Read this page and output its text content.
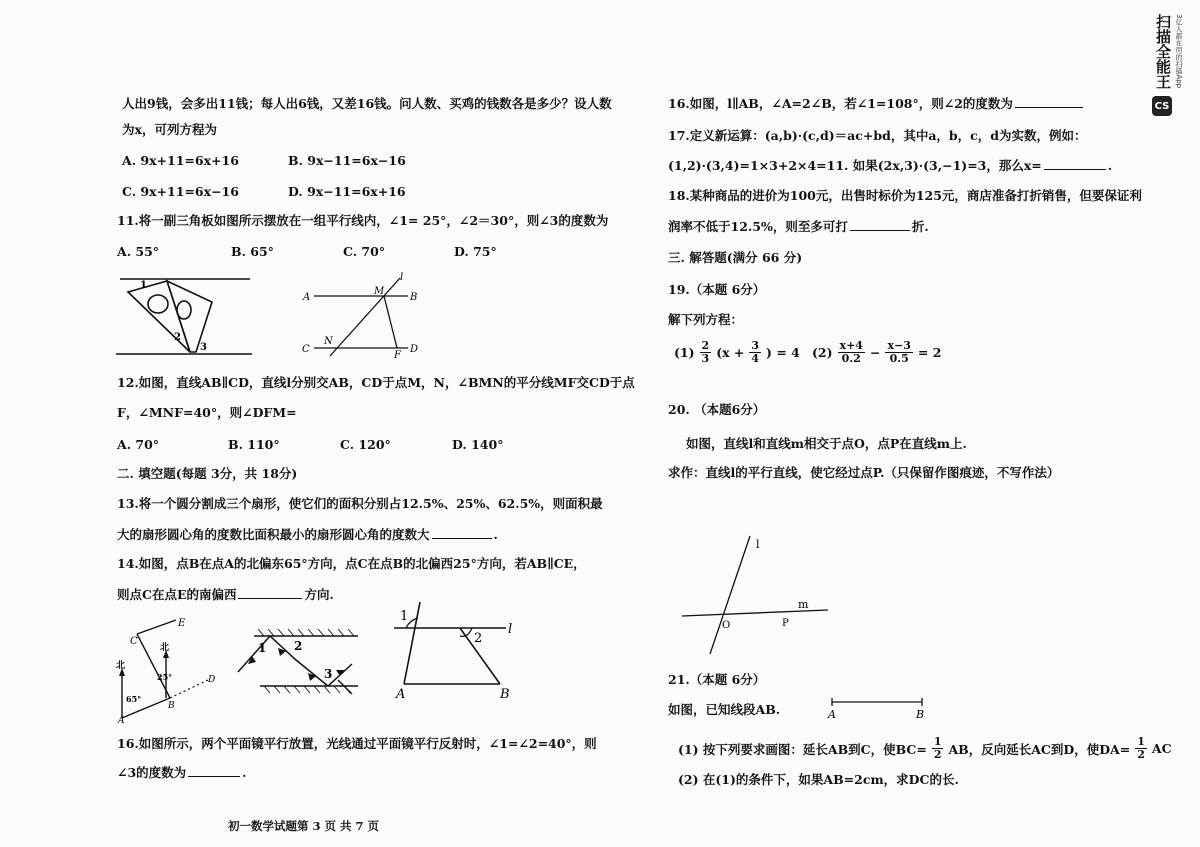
人出9钱，会多出11钱；每人出6钱，又差16钱。问人数、买鸡的钱数各是多少？设人数
为x，可列方程为
A. 9x+11=6x+16	B. 9x−11=6x−16
C. 9x+11=6x−16	D. 9x−11=6x+16
11.将一副三角板如图所示摆放在一组平行线内，∠1= 25°，∠2＝30°，则∠3的度数为
A. 55°	B. 65°	C. 70°	D. 75°
1
2
3
A	B
C	D
M
N
F
l
12.如图，直线AB∥CD，直线l分别交AB，CD于点M，N，∠BMN的平分线MF交CD于点
F，∠MNF=40°，则∠DFM=
A. 70°	B. 110°	C. 120°	D. 140°
二. 填空题(每题 3分，共 18分)
13.将一个圆分割成三个扇形，使它们的面积分别占12.5%、25%、62.5%，则面积最
大的扇形圆心角的度数比面积最小的扇形圆心角的度数大	.
14.如图，点B在点A的北偏东65°方向，点C在点B的北偏西25°方向，若AB∥CE，
则点C在点E的南偏西	方向.
C
E
北
北
25°
65°
A
B
D
1 2
3
1
2
l
A	B
16.如图所示，两个平面镜平行放置，光线通过平面镜平行反射时，∠1=∠2=40°，则
∠3的度数为	.
初一数学试题第 3 页 共 7 页
16.如图，l∥AB，∠A=2∠B，若∠1=108°，则∠2的度数为
17.定义新运算：(a,b)·(c,d)＝ac+bd，其中a，b，c，d为实数，例如：
(1,2)·(3,4)=1×3+2×4=11. 如果(2x,3)·(3,−1)=3，那么x=	.
18.某种商品的进价为100元，出售时标价为125元，商店准备打折销售，但要保证利
润率不低于12.5%，则至多可打	折.
三. 解答题(满分 66 分)
19.（本题 6分）
解下列方程：
$(1) \frac{2}{3} (x + \frac{3}{4}$ ) = 4 $(2) \frac{x+4}{0.2} - \frac{x-3}{0.5} = 2$
20. （本题6分）
如图，直线l和直线m相交于点O，点P在直线m上.
求作：直线l的平行直线，使它经过点P.（只保留作图痕迹，不写作法）
l
m
O	P
21.（本题 6分）
如图，已知线段AB.	A	B
(1) 按下列要求画图：延长AB到C，使$BC= \frac{1}{2}$ AB，反向延长AC到D，使$DA= \frac{1}{2}$ AC
(2) 在(1)的条件下，如果AB=2cm，求DC的长.
扫描全能王 3亿人都在用的扫描App
CS
